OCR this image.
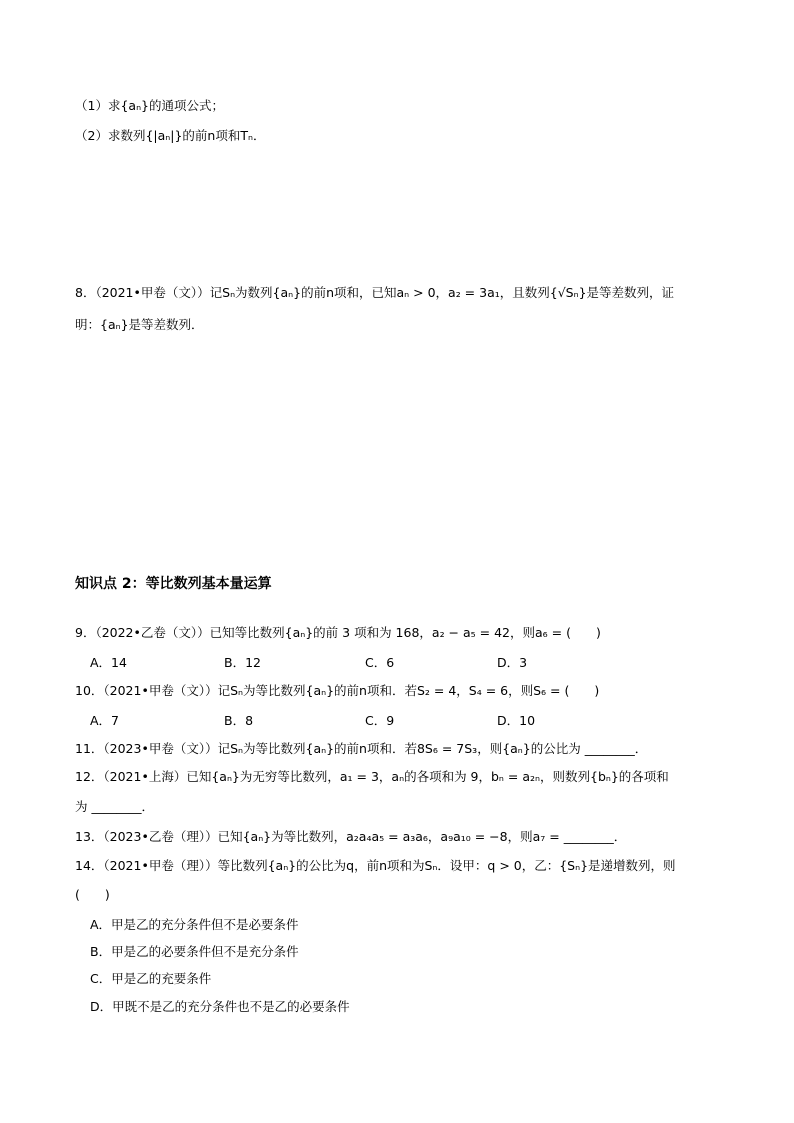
（1）求{aₙ}的通项公式；
（2）求数列{|aₙ|}的前n项和Tₙ．
8．（2021•甲卷（文））记Sₙ为数列{aₙ}的前n项和，已知aₙ > 0，a₂ = 3a₁，且数列{√Sₙ}是等差数列，证
明：{aₙ}是等差数列．
知识点 2：等比数列基本量运算
9．（2022•乙卷（文））已知等比数列{aₙ}的前 3 项和为 168，a₂ − a₅ = 42，则a₆ = (　　)
A．14	B．12	C．6	D．3
10．（2021•甲卷（文））记Sₙ为等比数列{aₙ}的前n项和．若S₂ = 4，S₄ = 6，则S₆ = (　　)
A．7	B．8	C．9	D．10
11．（2023•甲卷（文））记Sₙ为等比数列{aₙ}的前n项和．若8S₆ = 7S₃，则{aₙ}的公比为 ________．
12．（2021•上海）已知{aₙ}为无穷等比数列，a₁ = 3，aₙ的各项和为 9，bₙ = a₂ₙ，则数列{bₙ}的各项和
为 ________．
13．（2023•乙卷（理））已知{aₙ}为等比数列，a₂a₄a₅ = a₃a₆，a₉a₁₀ = −8，则a₇ = ________．
14．（2021•甲卷（理））等比数列{aₙ}的公比为q，前n项和为Sₙ．设甲：q > 0，乙：{Sₙ}是递增数列，则
(　　)
A．甲是乙的充分条件但不是必要条件
B．甲是乙的必要条件但不是充分条件
C．甲是乙的充要条件
D．甲既不是乙的充分条件也不是乙的必要条件
